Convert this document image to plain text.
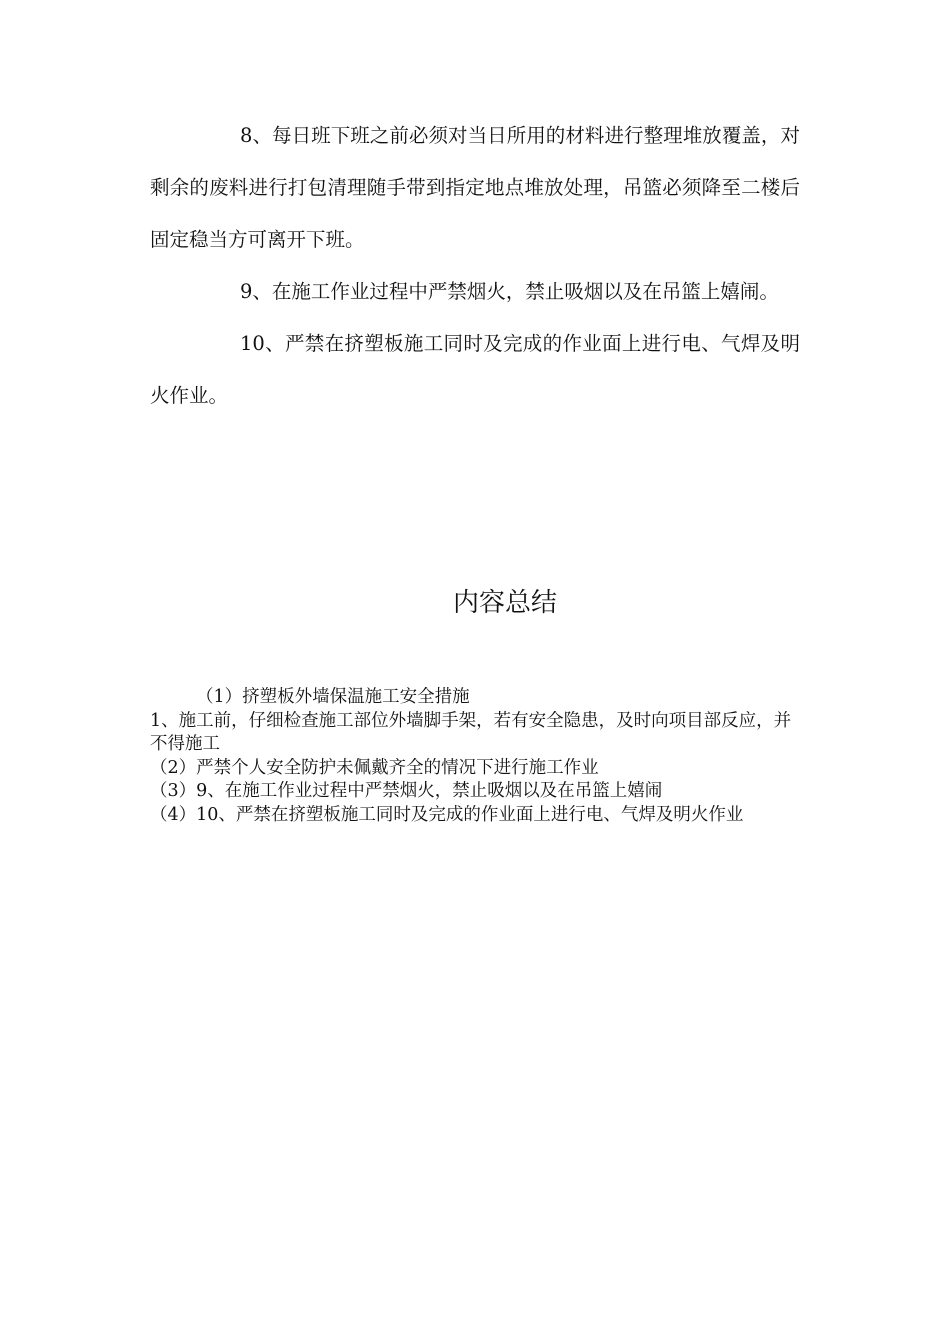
8、每日班下班之前必须对当日所用的材料进行整理堆放覆盖，对剩余的废料进行打包清理随手带到指定地点堆放处理，吊篮必须降至二楼后固定稳当方可离开下班。

9、在施工作业过程中严禁烟火，禁止吸烟以及在吊篮上嬉闹。

10、严禁在挤塑板施工同时及完成的作业面上进行电、气焊及明火作业。

内容总结
（1）挤塑板外墙保温施工安全措施
1、施工前，仔细检查施工部位外墙脚手架，若有安全隐患，及时向项目部反应，并不得施工
（2）严禁个人安全防护未佩戴齐全的情况下进行施工作业
（3）9、在施工作业过程中严禁烟火，禁止吸烟以及在吊篮上嬉闹
（4）10、严禁在挤塑板施工同时及完成的作业面上进行电、气焊及明火作业
